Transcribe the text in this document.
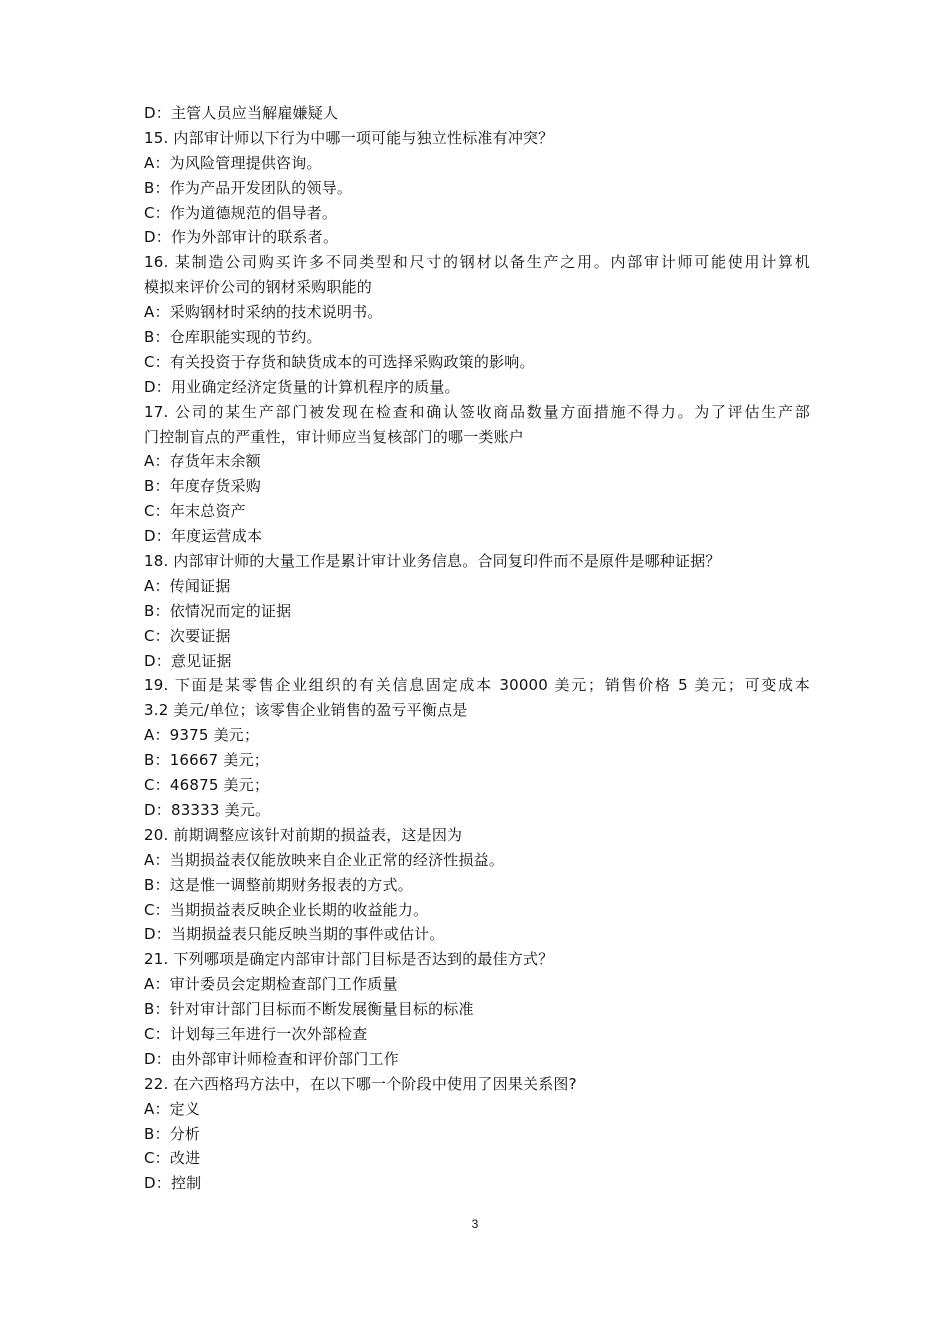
D：主管人员应当解雇嫌疑人
15. 内部审计师以下行为中哪一项可能与独立性标准有冲突？
A：为风险管理提供咨询。
B：作为产品开发团队的领导。
C：作为道德规范的倡导者。
D：作为外部审计的联系者。
16. 某制造公司购买许多不同类型和尺寸的钢材以备生产之用。内部审计师可能使用计算机
模拟来评价公司的钢材采购职能的
A：采购钢材时采纳的技术说明书。
B：仓库职能实现的节约。
C：有关投资于存货和缺货成本的可选择采购政策的影响。
D：用业确定经济定货量的计算机程序的质量。
17. 公司的某生产部门被发现在检查和确认签收商品数量方面措施不得力。为了评估生产部
门控制盲点的严重性，审计师应当复核部门的哪一类账户
A：存货年末余额
B：年度存货采购
C：年末总资产
D：年度运营成本
18. 内部审计师的大量工作是累计审计业务信息。合同复印件而不是原件是哪种证据？
A：传闻证据
B：依情况而定的证据
C：次要证据
D：意见证据
19. 下面是某零售企业组织的有关信息固定成本 30000 美元；销售价格 5 美元；可变成本
3.2 美元/单位；该零售企业销售的盈亏平衡点是
A：9375 美元；
B：16667 美元；
C：46875 美元；
D：83333 美元。
20. 前期调整应该针对前期的损益表，这是因为
A：当期损益表仅能放映来自企业正常的经济性损益。
B：这是惟一调整前期财务报表的方式。
C：当期损益表反映企业长期的收益能力。
D：当期损益表只能反映当期的事件或估计。
21. 下列哪项是确定内部审计部门目标是否达到的最佳方式？
A：审计委员会定期检查部门工作质量
B：针对审计部门目标而不断发展衡量目标的标准
C：计划每三年进行一次外部检查
D：由外部审计师检查和评价部门工作
22. 在六西格玛方法中，在以下哪一个阶段中使用了因果关系图?
A：定义
B：分析
C：改进
D：控制
3
